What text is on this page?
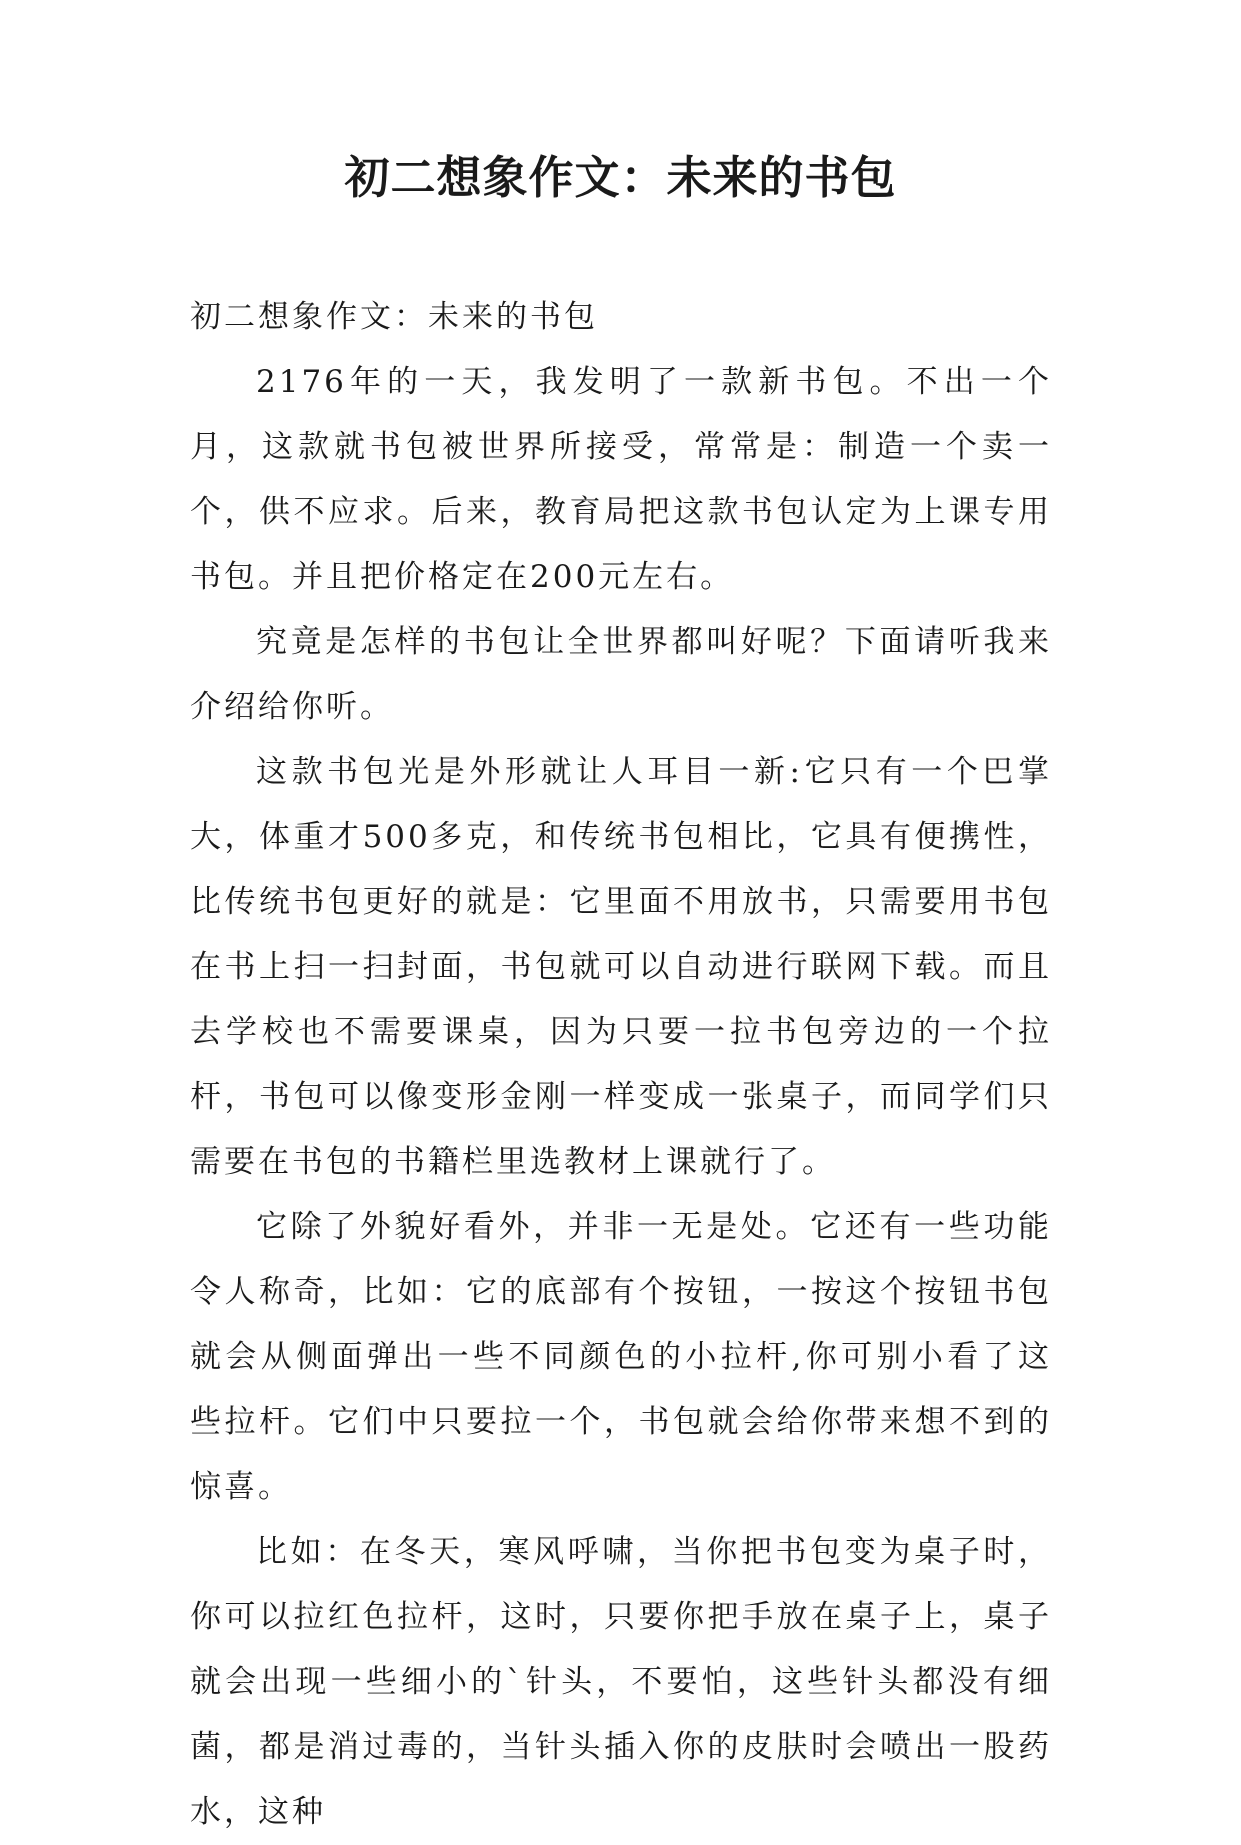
初二想象作文：未来的书包

初二想象作文：未来的书包

2176年的一天，我发明了一款新书包。不出一个月，这款就书包被世界所接受，常常是：制造一个卖一个，供不应求。后来，教育局把这款书包认定为上课专用书包。并且把价格定在200元左右。

究竟是怎样的书包让全世界都叫好呢？下面请听我来介绍给你听。

这款书包光是外形就让人耳目一新:它只有一个巴掌大，体重才500多克，和传统书包相比，它具有便携性，比传统书包更好的就是：它里面不用放书，只需要用书包在书上扫一扫封面，书包就可以自动进行联网下载。而且去学校也不需要课桌，因为只要一拉书包旁边的一个拉杆，书包可以像变形金刚一样变成一张桌子，而同学们只需要在书包的书籍栏里选教材上课就行了。

它除了外貌好看外，并非一无是处。它还有一些功能令人称奇，比如：它的底部有个按钮，一按这个按钮书包就会从侧面弹出一些不同颜色的小拉杆,你可别小看了这些拉杆。它们中只要拉一个，书包就会给你带来想不到的惊喜。

比如：在冬天，寒风呼啸，当你把书包变为桌子时，你可以拉红色拉杆，这时，只要你把手放在桌子上，桌子就会出现一些细小的`针头，不要怕，这些针头都没有细菌，都是消过毒的，当针头插入你的皮肤时会喷出一股药水，这种
